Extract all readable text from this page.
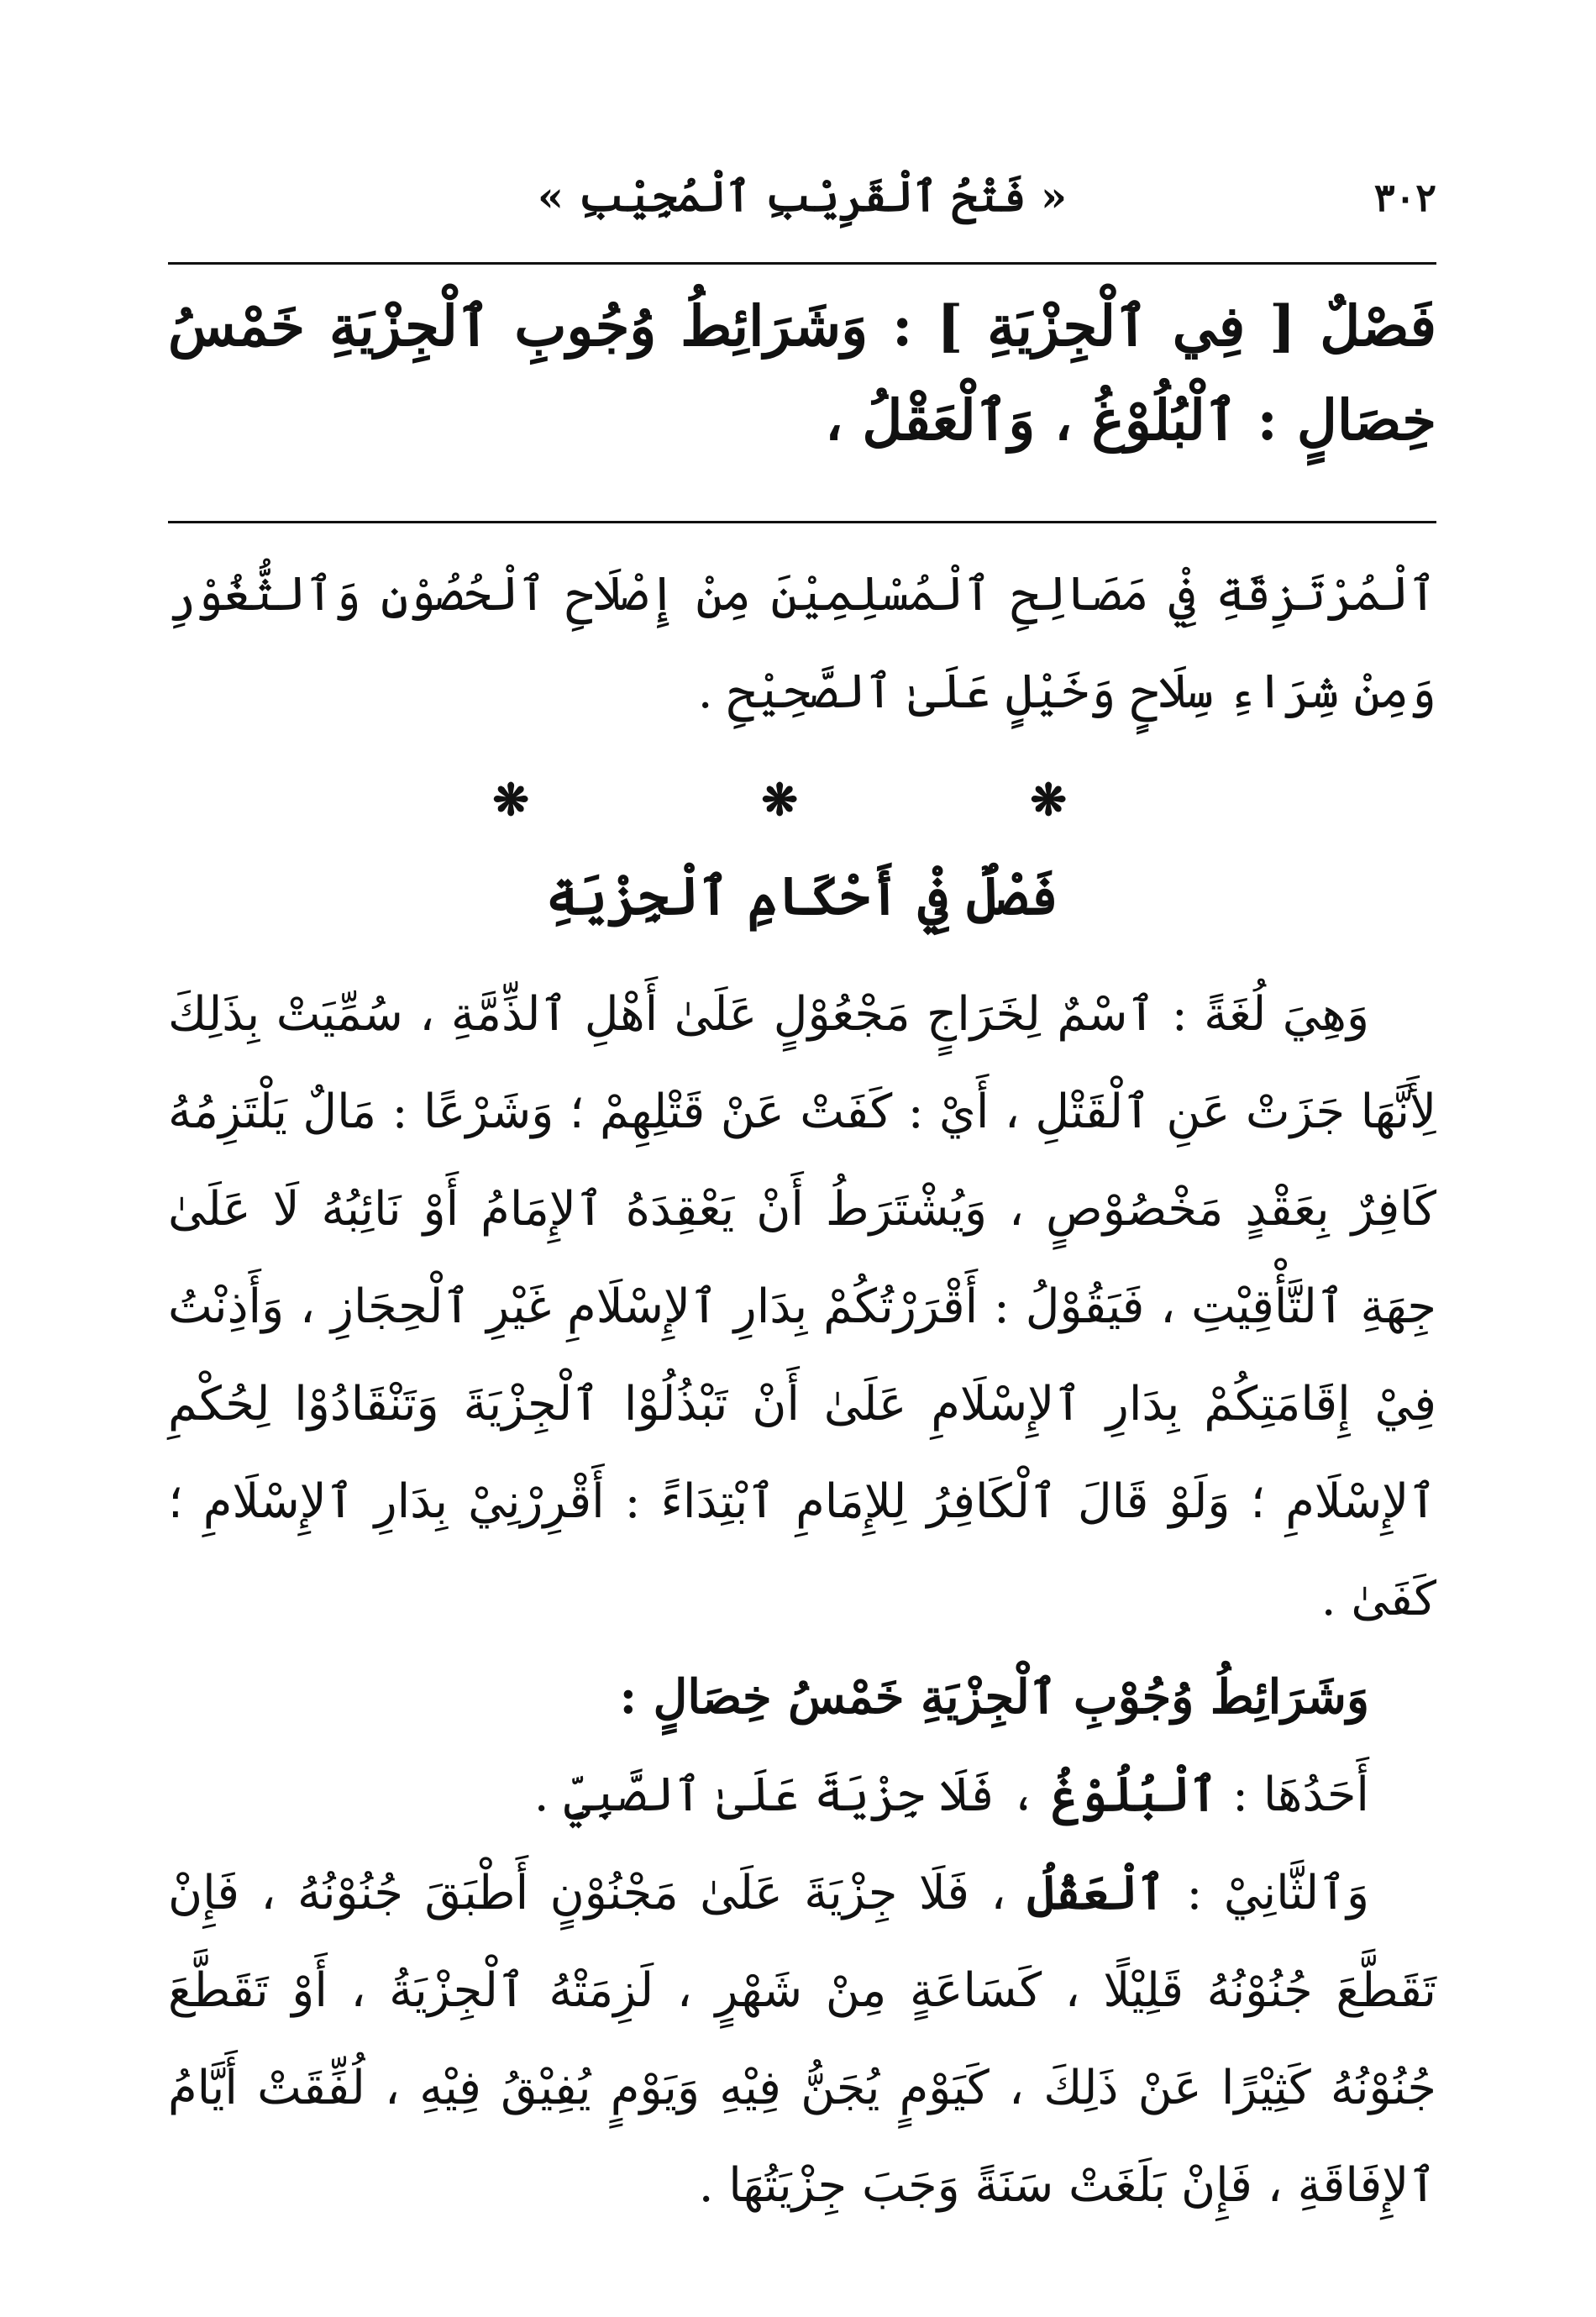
٣٠٢
« فَتْحُ ٱلْقَرِيْبِ ٱلْمُجِيْبِ »
فَصْلٌ [ فِي ٱلْجِزْيَةِ ] : وَشَرَائِطُ وُجُوبِ ٱلْجِزْيَةِ خَمْسُ خِصَالٍ : ٱلْبُلُوْغُ ، وَٱلْعَقْلُ ،
ٱلْمُرْتَزِقَةِ فِيْ مَصَالِحِ ٱلْمُسْلِمِيْنَ مِنْ إِصْلَاحِ ٱلْحُصُوْنِ وَٱلثُّغُوْرِ وَمِنْ شِرَاءِ سِلَاحٍ وَخَيْلٍ عَلَىٰ ٱلصَّحِيْحِ .
❋
❋
❋
فَصْلٌ فِيْ أَحْكَامِ ٱلْجِزْيَةِ

وَهِيَ لُغَةً : ٱسْمٌ لِخَرَاجٍ مَجْعُوْلٍ عَلَىٰ أَهْلِ ٱلذِّمَّةِ ، سُمِّيَتْ بِذَلِكَ لِأَنَّهَا جَزَتْ عَنِ ٱلْقَتْلِ ، أَيْ : كَفَتْ عَنْ قَتْلِهِمْ ؛ وَشَرْعًا : مَالٌ يَلْتَزِمُهُ كَافِرٌ بِعَقْدٍ مَخْصُوْصٍ ، وَيُشْتَرَطُ أَنْ يَعْقِدَهُ ٱلإِمَامُ أَوْ نَائِبُهُ لَا عَلَىٰ جِهَةِ ٱلتَّأْقِيْتِ ، فَيَقُوْلُ : أَقْرَرْتُكُمْ بِدَارِ ٱلإِسْلَامِ غَيْرِ ٱلْحِجَازِ ، وَأَذِنْتُ فِيْ إِقَامَتِكُمْ بِدَارِ ٱلإِسْلَامِ عَلَىٰ أَنْ تَبْذُلُوْا ٱلْجِزْيَةَ وَتَنْقَادُوْا لِحُكْمِ ٱلإِسْلَامِ ؛ وَلَوْ قَالَ ٱلْكَافِرُ لِلإِمَامِ ٱبْتِدَاءً : أَقْرِرْنِيْ بِدَارِ ٱلإِسْلَامِ ؛ كَفَىٰ .

وَشَرَائِطُ وُجُوْبِ ٱلْجِزْيَةِ خَمْسُ خِصَالٍ :

أَحَدُهَا : ٱلْبُلُوْغُ ، فَلَا جِزْيَةَ عَلَىٰ ٱلصَّبِيِّ .

وَٱلثَّانِيْ : ٱلْعَقْلُ ، فَلَا جِزْيَةَ عَلَىٰ مَجْنُوْنٍ أَطْبَقَ جُنُوْنُهُ ، فَإِنْ تَقَطَّعَ جُنُوْنُهُ قَلِيْلًا ، كَسَاعَةٍ مِنْ شَهْرٍ ، لَزِمَتْهُ ٱلْجِزْيَةُ ، أَوْ تَقَطَّعَ جُنُوْنُهُ كَثِيْرًا عَنْ ذَلِكَ ، كَيَوْمٍ يُجَنُّ فِيْهِ وَيَوْمٍ يُفِيْقُ فِيْهِ ، لُفِّقَتْ أَيَّامُ ٱلإِفَاقَةِ ، فَإِنْ بَلَغَتْ سَنَةً وَجَبَ جِزْيَتُهَا .
